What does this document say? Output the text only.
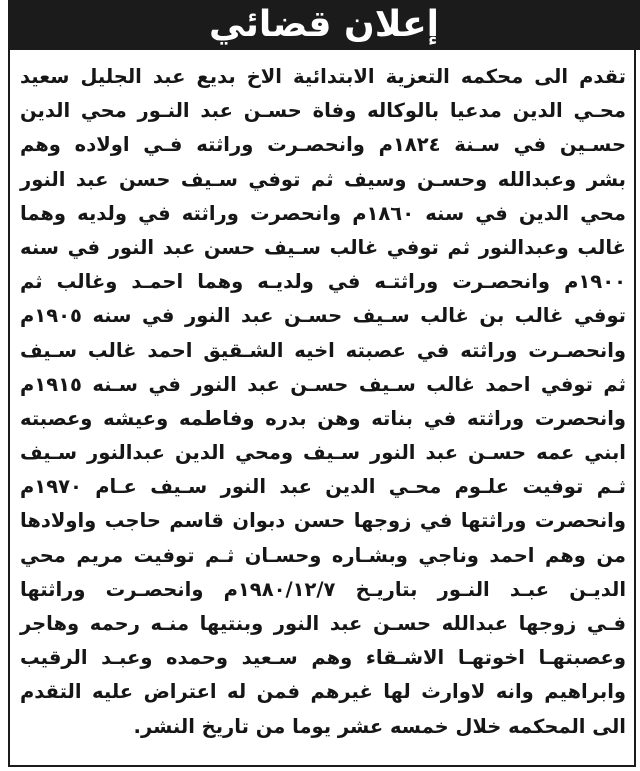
إعلان قضائي
تقدم الى محكمه التعزية الابتدائية الاخ بديع عبد الجليل سعيد
محـي الدين مدعيا بالوكاله وفاة حسـن عبد النـور محي الدين
حسـين في سـنة ١٨٢٤م وانحصـرت وراثته فـي اولاده وهم
بشر وعبدالله وحسـن وسيف ثم توفي سـيف حسن عبد النور
محي الدين في سنه ١٨٦٠م وانحصرت وراثته في ولديه وهما
غالب وعبدالنور ثم توفي غالب سـيف حسن عبد النور في سنه
١٩٠٠م وانحصـرت وراثتـه في ولديـه وهما احمـد وغالب ثم
توفي غالب بن غالب سـيف حسـن عبد النور في سنه ١٩٠٥م
وانحصـرت وراثته في عصبته اخيه الشـقيق احمد غالب سـيف
ثم توفي احمد غالب سـيف حسـن عبد النور في سـنه ١٩١٥م
وانحصرت وراثته في بناته وهن بدره وفاطمه وعيشه وعصبته
ابني عمه حسـن عبد النور سـيف ومحي الدين عبدالنور سـيف
ثـم توفيت علـوم محـي الدين عبد النور سـيف عـام ١٩٧٠م
وانحصرت وراثتها في زوجها حسن دبوان قاسم حاجب واولادها
من وهم احمد وناجي وبشـاره وحسـان ثـم توفيت مريم محي
الديـن عبـد النـور بتاريـخ ١٩٨٠/١٢/٧م وانحصـرت وراثتها
فـي زوجها عبدالله حسـن عبد النور وبنتيها منـه رحمه وهاجر
وعصبتهـا اخوتهـا الاشـقاء وهم سـعيد وحمده وعبـد الرقيب
وابراهيم وانه لاوارث لها غيرهم فمن له اعتراض عليه التقدم
الى المحكمه خلال خمسه عشر يوما من تاريخ النشر.
